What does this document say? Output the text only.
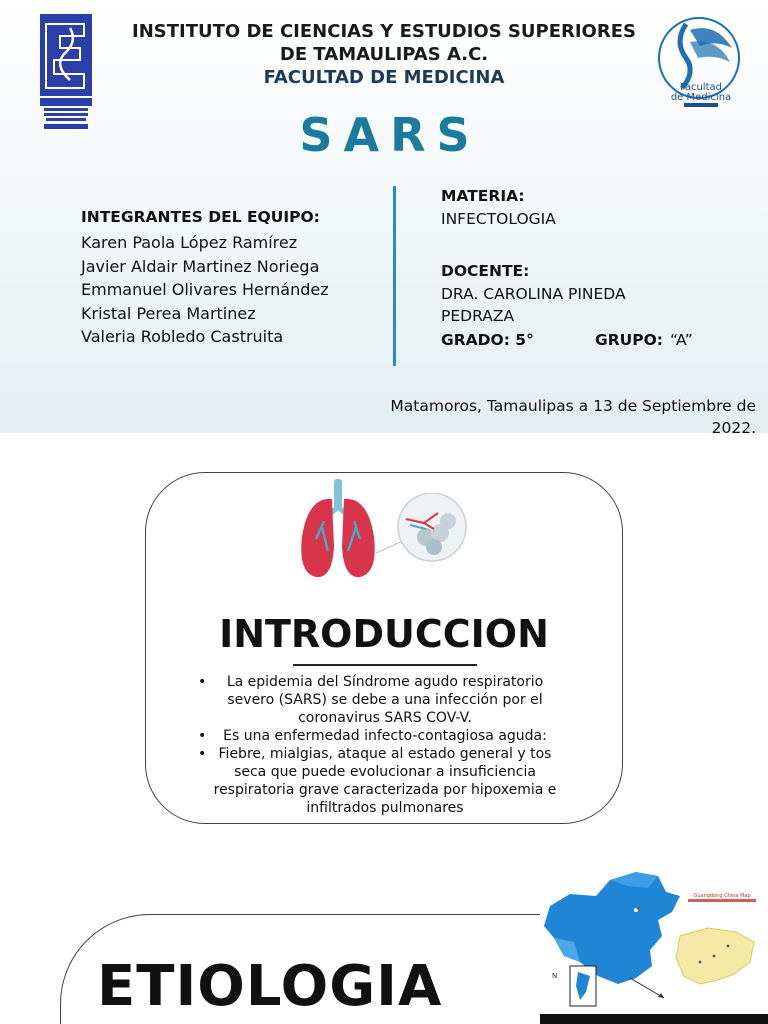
INSTITUTO DE CIENCIAS Y ESTUDIOS SUPERIORES
DE TAMAULIPAS A.C.
FACULTAD DE MEDICINA	Facultad
de Medicina
SARS
INTEGRANTES DEL EQUIPO:
Karen Paola López Ramírez
Javier Aldair Martinez Noriega
Emmanuel Olivares Hernández
Kristal Perea Martinez
Valeria Robledo Castruita
MATERIA:
INFECTOLOGIA
DOCENTE:
DRA. CAROLINA PINEDA
PEDRAZA
GRADO: 5°	GRUPO: “A”
Matamoros, Tamaulipas a 13 de Septiembre de
2022.
INTRODUCCION
•	La epidemia del Síndrome agudo respiratorio
severo (SARS) se debe a una infección por el
coronavirus SARS COV-V.
•	Es una enfermedad infecto-contagiosa aguda:
• Fiebre, mialgias, ataque al estado general y tos
seca que puede evolucionar a insuficiencia
respiratoria grave caracterizada por hipoxemia e
infiltrados pulmonares
ETIOLOGIA
Guangdong China Map
N
